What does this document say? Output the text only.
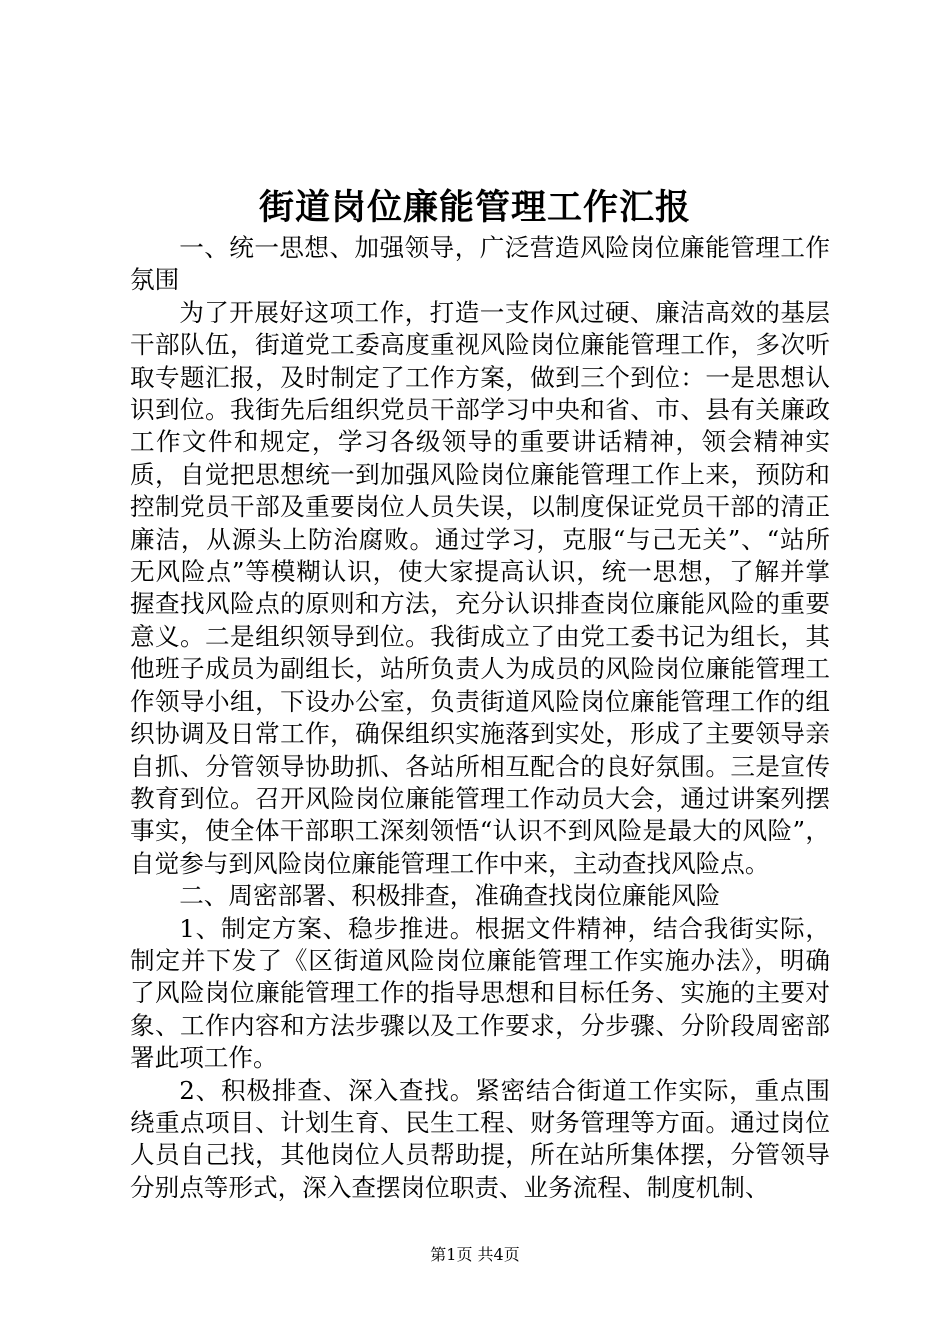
街道岗位廉能管理工作汇报

一、统一思想、加强领导，广泛营造风险岗位廉能管理工作氛围

为了开展好这项工作，打造一支作风过硬、廉洁高效的基层干部队伍，街道党工委高度重视风险岗位廉能管理工作，多次听取专题汇报，及时制定了工作方案，做到三个到位：一是思想认识到位。我街先后组织党员干部学习中央和省、市、县有关廉政工作文件和规定，学习各级领导的重要讲话精神，领会精神实质，自觉把思想统一到加强风险岗位廉能管理工作上来，预防和控制党员干部及重要岗位人员失误，以制度保证党员干部的清正廉洁，从源头上防治腐败。通过学习，克服“与己无关”、“站所无风险点”等模糊认识，使大家提高认识，统一思想，了解并掌握查找风险点的原则和方法，充分认识排查岗位廉能风险的重要意义。二是组织领导到位。我街成立了由党工委书记为组长，其他班子成员为副组长，站所负责人为成员的风险岗位廉能管理工作领导小组，下设办公室，负责街道风险岗位廉能管理工作的组织协调及日常工作，确保组织实施落到实处，形成了主要领导亲自抓、分管领导协助抓、各站所相互配合的良好氛围。三是宣传教育到位。召开风险岗位廉能管理工作动员大会，通过讲案列摆事实，使全体干部职工深刻领悟“认识不到风险是最大的风险”，自觉参与到风险岗位廉能管理工作中来，主动查找风险点。

二、周密部署、积极排查，准确查找岗位廉能风险

1、制定方案、稳步推进。根据文件精神，结合我街实际，制定并下发了《区街道风险岗位廉能管理工作实施办法》，明确了风险岗位廉能管理工作的指导思想和目标任务、实施的主要对象、工作内容和方法步骤以及工作要求，分步骤、分阶段周密部署此项工作。

2、积极排查、深入查找。紧密结合街道工作实际，重点围绕重点项目、计划生育、民生工程、财务管理等方面。通过岗位人员自己找，其他岗位人员帮助提，所在站所集体摆，分管领导分别点等形式，深入查摆岗位职责、业务流程、制度机制、

第1页 共4页
